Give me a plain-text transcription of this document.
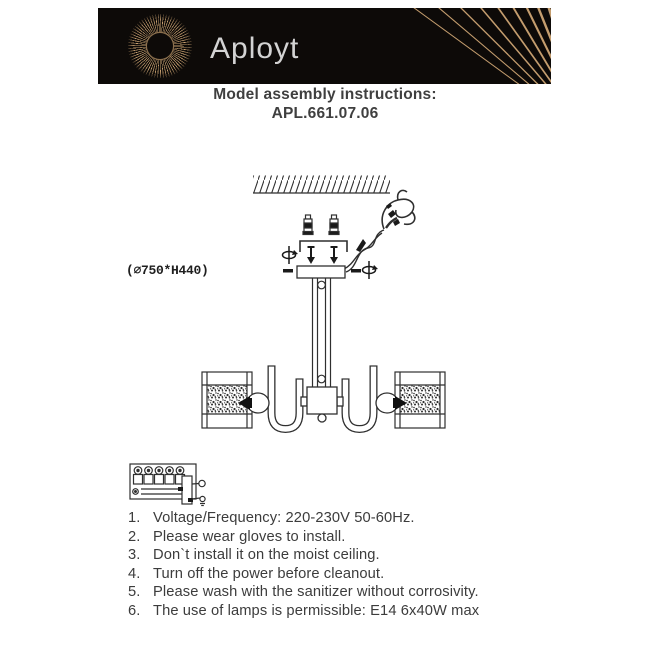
Aployt
Model assembly instructions:
APL.661.07.06
(∅750*H440)
1. Voltage/Frequency: 220-230V 50-60Hz.
2. Please wear gloves to install.
3. Don`t install it on the moist ceiling.
4. Turn off the power before cleanout.
5. Please wash with the sanitizer without corrosivity.
6. The use of lamps is permissible: E14 6x40W max
